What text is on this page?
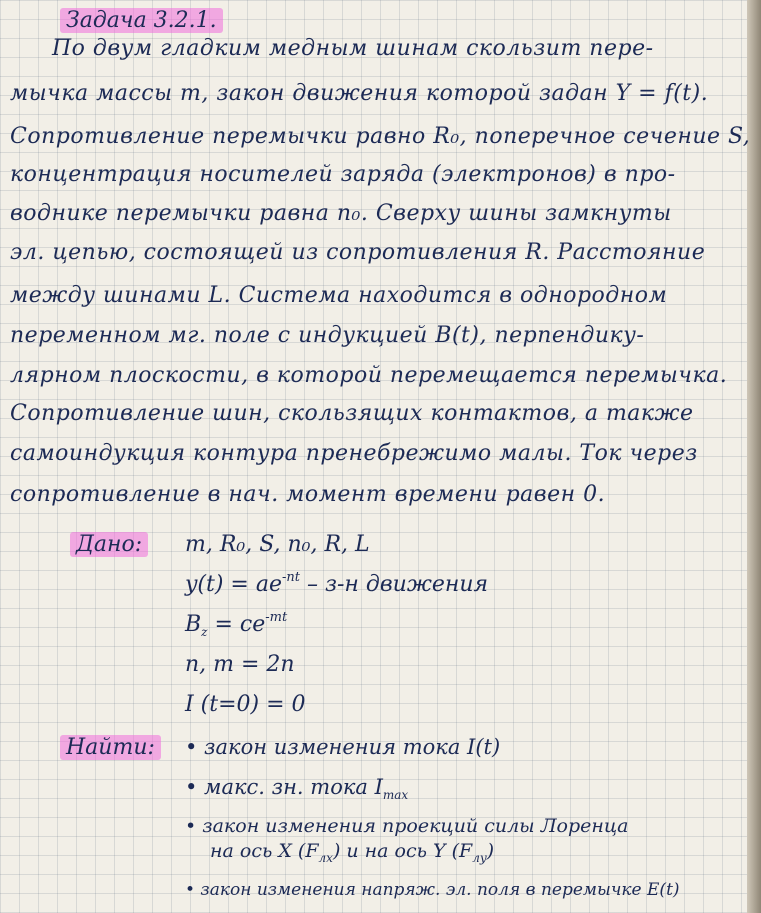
Задача 3.2.1.
По двум гладким медным шинам скользит пере-
мычка массы m, закон движения которой задан Y = f(t).
Сопротивление перемычки равно R₀, поперечное сечение S,
концентрация носителей заряда (электронов) в про-
воднике перемычки равна n₀. Сверху шины замкнуты
эл. цепью, состоящей из сопротивления R. Расстояние
между шинами L. Система находится в однородном
переменном мг. поле с индукцией B(t), перпендику-
лярном плоскости, в которой перемещается перемычка.
Сопротивление шин, скользящих контактов, а также
самоиндукция контура пренебрежимо малы. Ток через
сопротивление в нач. момент времени равен 0.
Дано: m, R₀, S, n₀, R, L
$y(t) = ae^{-nt} - з-н$ движения
$B_z = ce^{-mt}$
n, m = 2n
I (t=0) = 0
Найти: • закон изменения тока I(t)
• макс. зн. тока $I_{max}$
• закон изменения проекций силы Лоренца
на ось X $(F_{лx})$ и на ось Y $(F_{лy})$
• закон изменения напряж. эл. поля в перемычке E(t)
